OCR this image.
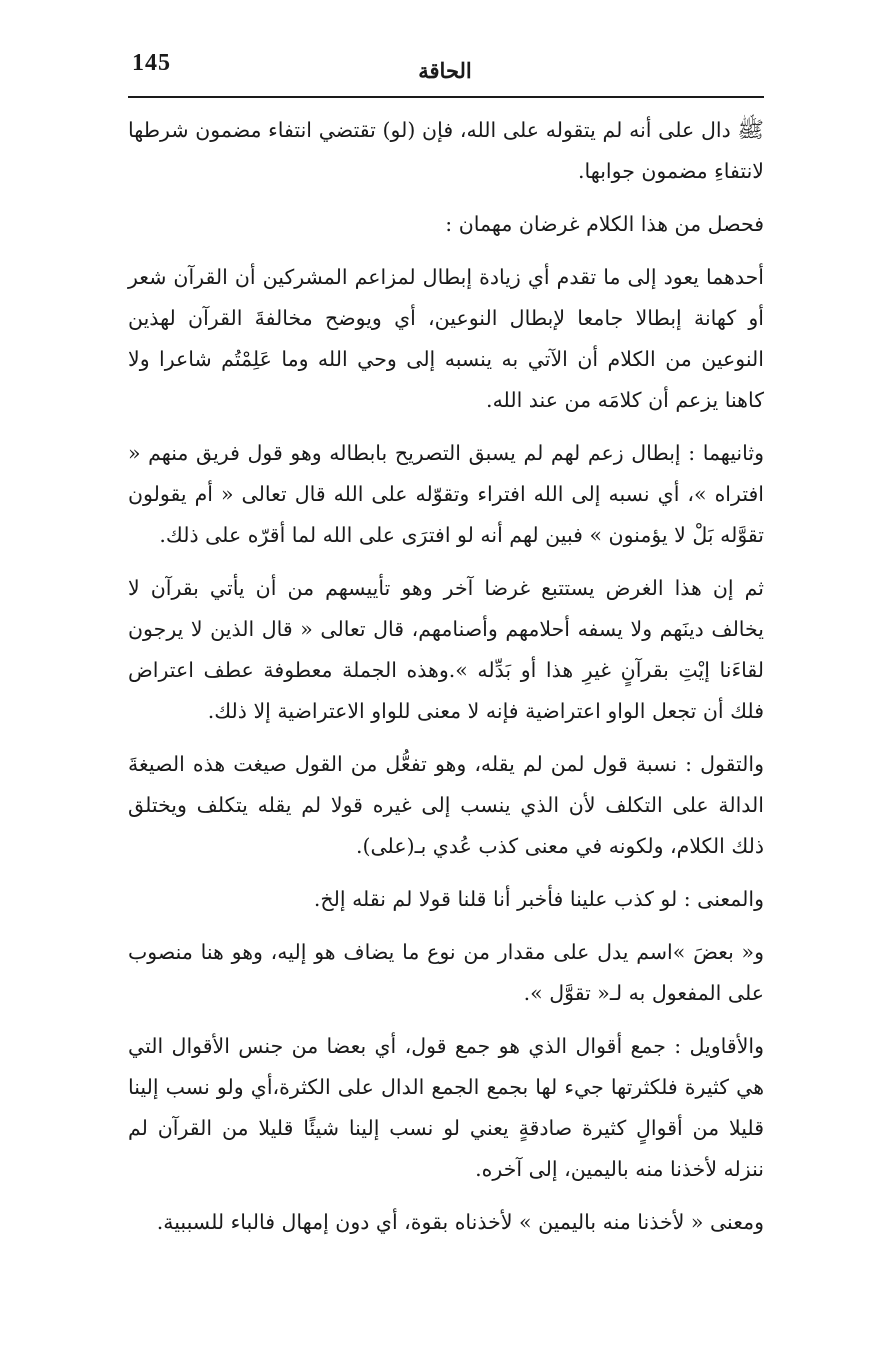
145	الحاقة

ﷺ دال على أنه لم يتقوله على الله، فإن (لو) تقتضي انتفاء مضمون شرطها لانتفاءِ مضمون جوابها.

فحصل من هذا الكلام غرضان مهمان :

أحدهما يعود إلى ما تقدم أي زيادة إبطال لمزاعم المشركين أن القرآن شعر أو كهانة إبطالا جامعا لإبطال النوعين، أي ويوضح مخالفةَ القرآن لهذين النوعين من الكلام أن الآتي به ينسبه إلى وحي الله وما عَلِمْتُم شاعرا ولا كاهنا يزعم أن كلامَه من عند الله.

وثانيهما : إبطال زعم لهم لم يسبق التصريح بابطاله وهو قول فريق منهم « افتراه »، أي نسبه إلى الله افتراء وتقوّله على الله قال تعالى « أم يقولون تقوَّله بَلْ لا يؤمنون » فبين لهم أنه لو افترَى على الله لما أقرّه على ذلك.

ثم إن هذا الغرض يستتبع غرضا آخر وهو تأييسهم من أن يأتي بقرآن لا يخالف دينَهم ولا يسفه أحلامهم وأصنامهم، قال تعالى « قال الذين لا يرجون لقاءَنا إيْتِ بقرآنٍ غيرِ هذا أو بَدِّله ».وهذه الجملة معطوفة عطف اعتراض فلك أن تجعل الواو اعتراضية فإنه لا معنى للواو الاعتراضية إلا ذلك.

والتقول : نسبة قول لمن لم يقله، وهو تفعُّل من القول صيغت هذه الصيغةَ الدالة على التكلف لأن الذي ينسب إلى غيره قولا لم يقله يتكلف ويختلق ذلك الكلام، ولكونه في معنى كذب عُدي بـ(على).

والمعنى : لو كذب علينا فأخبر أنا قلنا قولا لم نقله إلخ.

و« بعضَ »اسم يدل على مقدار من نوع ما يضاف هو إليه، وهو هنا منصوب على المفعول به لـ« تقوَّل ».

والأقاويل : جمع أقوال الذي هو جمع قول، أي بعضا من جنس الأقوال التي هي كثيرة فلكثرتها جيء لها بجمع الجمع الدال على الكثرة،أي ولو نسب إلينا قليلا من أقوالٍ كثيرة صادقةٍ يعني لو نسب إلينا شيئًا قليلا من القرآن لم ننزله لأخذنا منه باليمين، إلى آخره.

ومعنى « لأخذنا منه باليمين » لأخذناه بقوة، أي دون إمهال فالباء للسببية.
